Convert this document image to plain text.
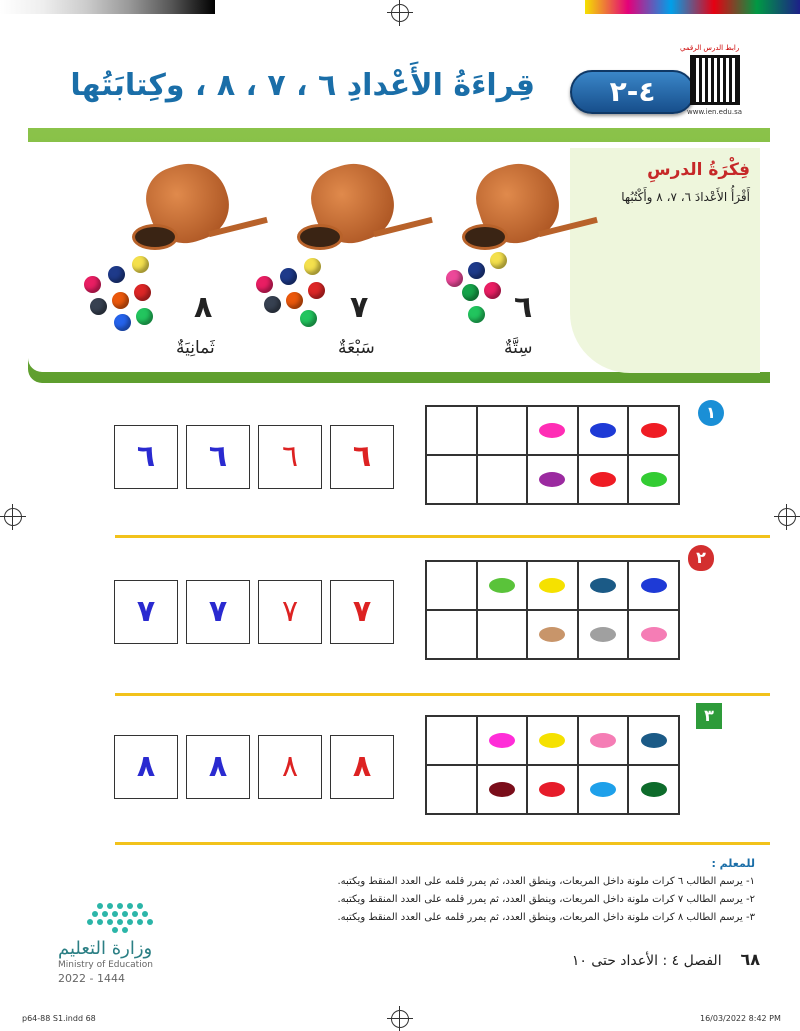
قِراءَةُ الأَعْدادِ ٦ ، ٧ ، ٨ ، وكِتابَتُها	٤-٢
رابط الدرس الرقمي
www.ien.edu.sa
فِكْرَةُ الدرسِ

أَقْرَأُ الأَعْدادَ ٦، ٧، ٨ وأَكْتُبُها

٦
سِتَّةٌ
٧
سَبْعَةٌ
٨
ثَمانِيَةٌ
١
٦
٦
٦
٦
٢
٧
٧
٧
٧
٣
٨
٨
٨
٨
للمعلم :
١- يرسم الطالب ٦ كرات ملونة داخل المربعات، وينطق العدد، ثم يمرر قلمه على العدد المنقط ويكتبه.
٢- يرسم الطالب ٧ كرات ملونة داخل المربعات، وينطق العدد، ثم يمرر قلمه على العدد المنقط ويكتبه.
٣- يرسم الطالب ٨ كرات ملونة داخل المربعات، وينطق العدد، ثم يمرر قلمه على العدد المنقط ويكتبه.
وزارة التعليم
Ministry of Education
2022 - 1444
٦٨ الفصل ٤ : الأعداد حتى ١٠
p64-88 S1.indd 68	16/03/2022 8:42 PM
